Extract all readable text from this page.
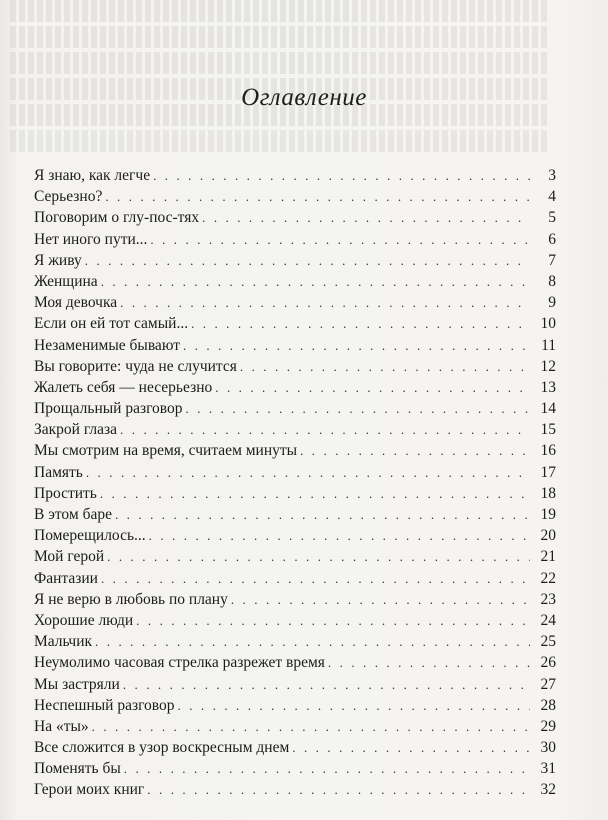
Оглавление
Я знаю, как легче . . .	3
Серьезно? . . .	4
Поговорим о глу-пос-тях . . .	5
Нет иного пути... . . .	6
Я живу . . .	7
Женщина . . .	8
Моя девочка . . .	9
Если он ей тот самый... . . .	10
Незаменимые бывают . . .	11
Вы говорите: чуда не случится . . .	12
Жалеть себя — несерьезно . . .	13
Прощальный разговор . . .	14
Закрой глаза . . .	15
Мы смотрим на время, считаем минуты . . .	16
Память . . .	17
Простить . . .	18
В этом баре . . .	19
Померещилось... . . .	20
Мой герой . . .	21
Фантазии . . .	22
Я не верю в любовь по плану . . .	23
Хорошие люди . . .	24
Мальчик . . .	25
Неумолимо часовая стрелка разрежет время . . .	26
Мы застряли . . .	27
Неспешный разговор . . .	28
На «ты» . . .	29
Все сложится в узор воскресным днем . . .	30
Поменять бы . . .	31
Герои моих книг . . .	32
